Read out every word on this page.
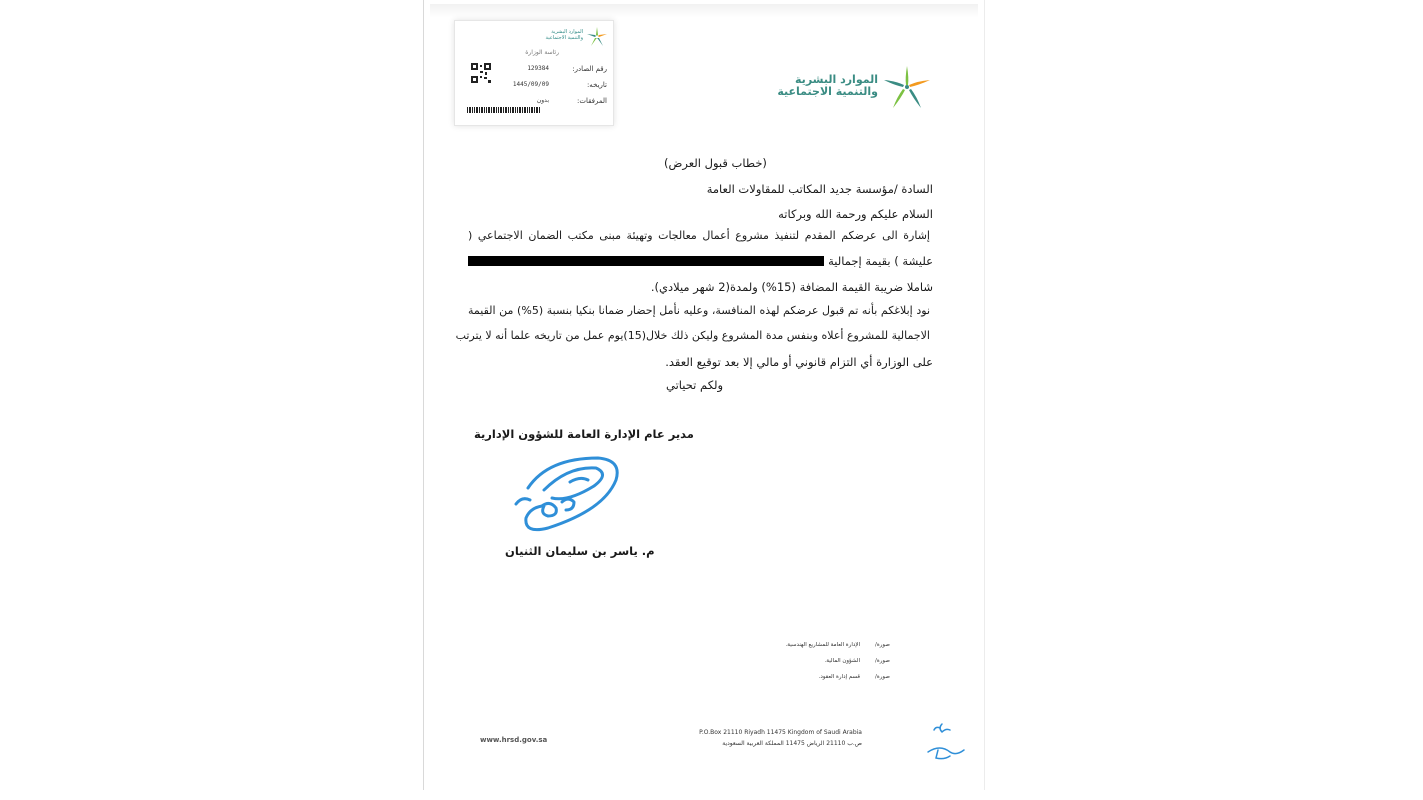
الموارد البشرية والتنمية الاجتماعية
رئاسة الوزارة
رقم الصادر:
129384
تاريخه:
1445/09/09
المرفقات:
بدون
الموارد البشرية
والتنمية الاجتماعية
(خطاب قبول العرض)
السادة /مؤسسة جديد المكاتب للمقاولات العامة
السلام عليكم ورحمة الله وبركاته
إشارة الى عرضكم المقدم لتنفيذ مشروع أعمال معالجات وتهيئة مبنى مكتب الضمان الاجتماعي (
عليشة ) بقيمة إجمالية
شاملا ضريبة القيمة المضافة (15%) ولمدة(2 شهر ميلادي).
نود إبلاغكم بأنه تم قبول عرضكم لهذه المنافسة، وعليه نأمل إحضار ضمانا بنكيا بنسبة (5%) من القيمة
الاجمالية للمشروع أعلاه وبنفس مدة المشروع وليكن ذلك خلال(15)يوم عمل من تاريخه علما أنه لا يترتب
على الوزارة أي التزام قانوني أو مالي إلا بعد توقيع العقد.
ولكم تحياتي
مدير عام الإدارة العامة للشؤون الإدارية
م. ياسر بن سليمان الثنيان
صورة/
الإدارة العامة للمشاريع الهندسية.
صورة/
الشؤون المالية.
صورة/
قسم إدارة العقود.
www.hrsd.gov.sa
P.O.Box 21110 Riyadh 11475 Kingdom of Saudi Arabia
ص.ب 21110 الرياض 11475 المملكة العربية السعودية
